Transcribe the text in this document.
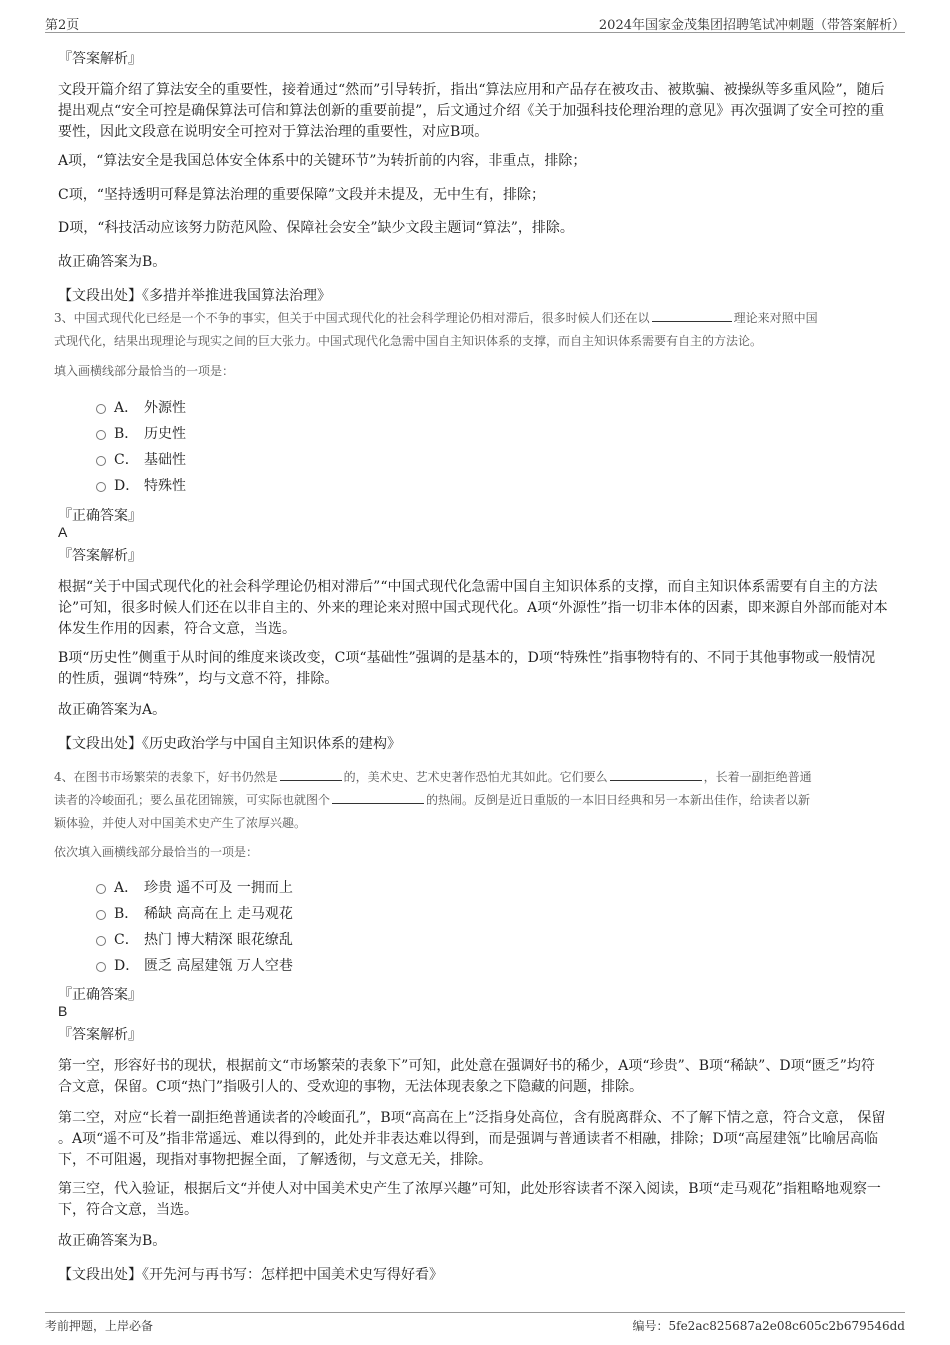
第2页	2024年国家金茂集团招聘笔试冲刺题（带答案解析）
『答案解析』

文段开篇介绍了算法安全的重要性，接着通过“然而”引导转折，指出“算法应用和产品存在被攻击、被欺骗、被操纵等多重风险”，随后提出观点“安全可控是确保算法可信和算法创新的重要前提”，后文通过介绍《关于加强科技伦理治理的意见》再次强调了安全可控的重要性，因此文段意在说明安全可控对于算法治理的重要性，对应B项。

A项，“算法安全是我国总体安全体系中的关键环节”为转折前的内容，非重点，排除；

C项，“坚持透明可释是算法治理的重要保障”文段并未提及，无中生有，排除；

D项，“科技活动应该努力防范风险、保障社会安全”缺少文段主题词“算法”，排除。

故正确答案为B。

【文段出处】《多措并举推进我国算法治理》

3、中国式现代化已经是一个不争的事实，但关于中国式现代化的社会科学理论仍相对滞后，很多时候人们还在以	理论来对照中国
式现代化，结果出现理论与现实之间的巨大张力。中国式现代化急需中国自主知识体系的支撑，而自主知识体系需要有自主的方法论。
填入画横线部分最恰当的一项是：
A． 外源性
B． 历史性
C． 基础性
D． 特殊性
『正确答案』
A
『答案解析』

根据“关于中国式现代化的社会科学理论仍相对滞后”“中国式现代化急需中国自主知识体系的支撑，而自主知识体系需要有自主的方法论”可知，很多时候人们还在以非自主的、外来的理论来对照中国式现代化。A项“外源性”指一切非本体的因素，即来源自外部而能对本体发生作用的因素，符合文意，当选。

B项“历史性”侧重于从时间的维度来谈改变，C项“基础性”强调的是基本的，D项“特殊性”指事物特有的、不同于其他事物或一般情况的性质，强调“特殊”，均与文意不符，排除。

故正确答案为A。

【文段出处】《历史政治学与中国自主知识体系的建构》

4、在图书市场繁荣的表象下，好书仍然是	的，美术史、艺术史著作恐怕尤其如此。它们要么	，长着一副拒绝普通
读者的冷峻面孔；要么虽花团锦簇，可实际也就图个	的热闹。反倒是近日重版的一本旧日经典和另一本新出佳作，给读者以新
颖体验，并使人对中国美术史产生了浓厚兴趣。
依次填入画横线部分最恰当的一项是：
A． 珍贵 遥不可及 一拥而上
B． 稀缺 高高在上 走马观花
C． 热门 博大精深 眼花缭乱
D． 匮乏 高屋建瓴 万人空巷
『正确答案』
B
『答案解析』

第一空，形容好书的现状，根据前文“市场繁荣的表象下”可知，此处意在强调好书的稀少，A项“珍贵”、B项“稀缺”、D项“匮乏”均符合文意，保留。C项“热门”指吸引人的、受欢迎的事物，无法体现表象之下隐藏的问题，排除。

第二空，对应“长着一副拒绝普通读者的冷峻面孔”，B项“高高在上”泛指身处高位，含有脱离群众、不了解下情之意，符合文意， 保留 。A项“遥不可及”指非常遥远、难以得到的，此处并非表达难以得到，而是强调与普通读者不相融，排除；D项“高屋建瓴”比喻居高临下，不可阻遏，现指对事物把握全面，了解透彻，与文意无关，排除。

第三空，代入验证，根据后文“并使人对中国美术史产生了浓厚兴趣”可知，此处形容读者不深入阅读，B项“走马观花”指粗略地观察一下，符合文意，当选。

故正确答案为B。

【文段出处】《开先河与再书写：怎样把中国美术史写得好看》

考前押题，上岸必备	编号：5fe2ac825687a2e08c605c2b679546dd
